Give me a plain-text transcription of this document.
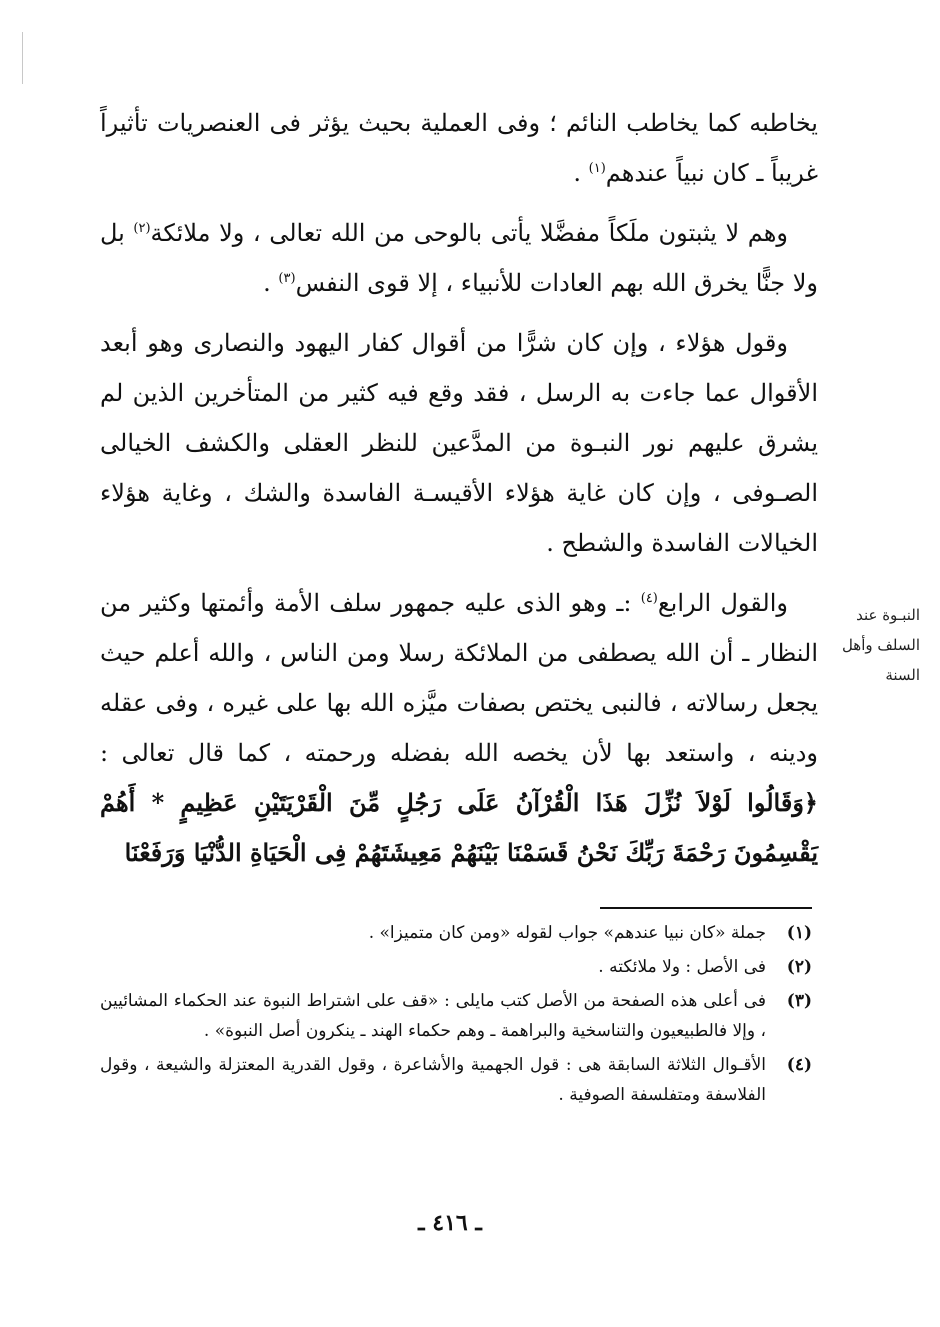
يخاطبه كما يخاطب النائم ؛ وفى العملية بحيث يؤثر فى العنصريات تأثيراً غريباً ـ كان نبياً عندهم$^{(١)}$ .

وهم لا يثبتون ملَكاً مفضَّلا يأتى بالوحى من الله تعالى ، ولا ملائكة$^{(٢)}$ بل ولا جنًّا يخرق الله بهم العادات للأنبياء ، إلا قوى النفس$^{(٣)}$ .

وقول هؤلاء ، وإن كان شرًّا من أقوال كفار اليهود والنصارى وهو أبعد الأقوال عما جاءت به الرسل ، فقد وقع فيه كثير من المتأخرين الذين لم يشرق عليهم نور النبـوة من المدَّعين للنظر العقلى والكشف الخيالى الصـوفى ، وإن كان غاية هؤلاء الأقيسـة الفاسدة والشك ، وغاية هؤلاء الخيالات الفاسدة والشطح .

والقول الرابع$^{(٤)}$ :ـ وهو الذى عليه جمهور سلف الأمة وأئمتها وكثير من النظار ـ أن الله يصطفى من الملائكة رسلا ومن الناس ، والله أعلم حيث يجعل رسالاته ، فالنبى يختص بصفات ميَّزه الله بها على غيره ، وفى عقله ودينه ، واستعد بها لأن يخصه الله بفضله ورحمته ، كما قال تعالى : ﴿وَقَالُوا لَوْلاَ نُزِّلَ هَذَا الْقُرْآنُ عَلَى رَجُلٍ مِّنَ الْقَرْيَتَيْنِ عَظِيمٍ * أَهُمْ يَقْسِمُونَ رَحْمَةَ رَبِّكَ نَحْنُ قَسَمْنَا بَيْنَهُمْ مَعِيشَتَهُمْ فِى الْحَيَاةِ الدُّنْيَا وَرَفَعْنَا

النبـوة عند
السلف وأهل
السنة
(١)
جملة «كان نبيا عندهم» جواب لقوله «ومن كان متميزا» .
(٢)
فى الأصل : ولا ملائكته .
(٣)
فى أعلى هذه الصفحة من الأصل كتب مايلى : «قف على اشتراط النبوة عند الحكماء المشائيين ، وإلا فالطبيعيون والتناسخية والبراهمة ـ وهم حكماء الهند ـ ينكرون أصل النبوة» .
(٤)
الأقـوال الثلاثة السابقة هى : قول الجهمية والأشاعرة ، وقول القدرية المعتزلة والشيعة ، وقول الفلاسفة ومتفلسفة الصوفية .
ـ ٤١٦ ـ
